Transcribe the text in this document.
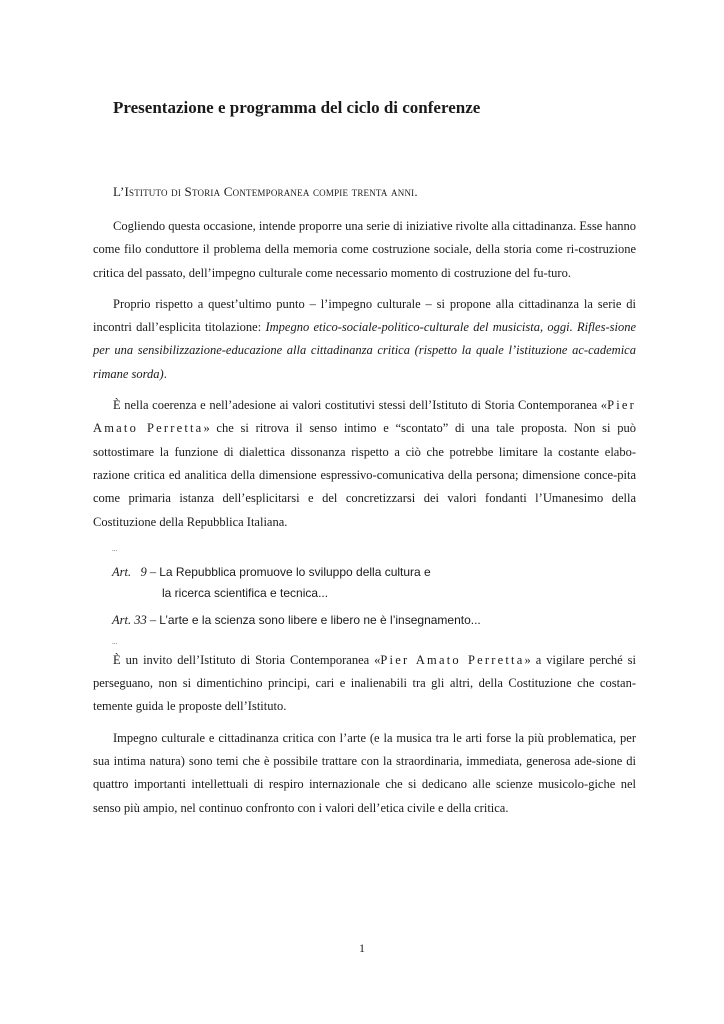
Presentazione e programma del ciclo di conferenze

L’Istituto di Storia Contemporanea compie trenta anni.

Cogliendo questa occasione, intende proporre una serie di iniziative rivolte alla cittadinanza. Esse hanno come filo conduttore il problema della memoria come costruzione sociale, della storia come ri-costruzione critica del passato, dell’impegno culturale come necessario momento di costruzione del fu-turo.

Proprio rispetto a quest’ultimo punto – l’impegno culturale – si propone alla cittadinanza la serie di incontri dall’esplicita titolazione: Impegno etico-sociale-politico-culturale del musicista, oggi. Rifles-sione per una sensibilizzazione-educazione alla cittadinanza critica (rispetto la quale l’istituzione ac-cademica rimane sorda).

È nella coerenza e nell’adesione ai valori costitutivi stessi dell’Istituto di Storia Contemporanea «Pier Amato Perretta» che si ritrova il senso intimo e “scontato” di una tale proposta. Non si può sottostimare la funzione di dialettica dissonanza rispetto a ciò che potrebbe limitare la costante elabo-razione critica ed analitica della dimensione espressivo-comunicativa della persona; dimensione conce-pita come primaria istanza dell’esplicitarsi e del concretizzarsi dei valori fondanti l’Umanesimo della Costituzione della Repubblica Italiana.

...
Art. 9 – La Repubblica promuove lo sviluppo della cultura e
la ricerca scientifica e tecnica...
Art. 33 – L’arte e la scienza sono libere e libero ne è l’insegnamento...
...

È un invito dell’Istituto di Storia Contemporanea «Pier Amato Perretta» a vigilare perché si perseguano, non si dimentichino principi, cari e inalienabili tra gli altri, della Costituzione che costan-temente guida le proposte dell’Istituto.

Impegno culturale e cittadinanza critica con l’arte (e la musica tra le arti forse la più problematica, per sua intima natura) sono temi che è possibile trattare con la straordinaria, immediata, generosa ade-sione di quattro importanti intellettuali di respiro internazionale che si dedicano alle scienze musicolo-giche nel senso più ampio, nel continuo confronto con i valori dell’etica civile e della critica.

1
